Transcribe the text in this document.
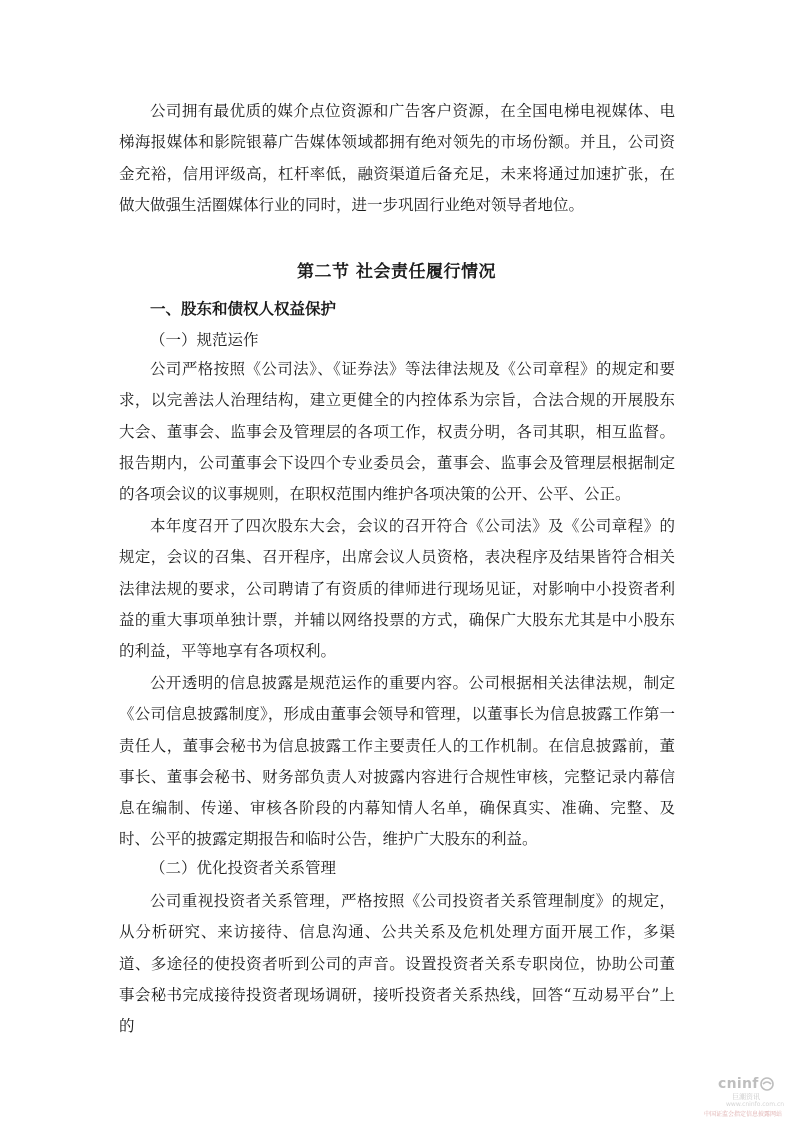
公司拥有最优质的媒介点位资源和广告客户资源，在全国电梯电视媒体、电梯海报媒体和影院银幕广告媒体领域都拥有绝对领先的市场份额。并且，公司资金充裕，信用评级高，杠杆率低，融资渠道后备充足，未来将通过加速扩张，在做大做强生活圈媒体行业的同时，进一步巩固行业绝对领导者地位。

第二节 社会责任履行情况
一、股东和债权人权益保护

（一）规范运作

公司严格按照《公司法》、《证券法》等法律法规及《公司章程》的规定和要求，以完善法人治理结构，建立更健全的内控体系为宗旨，合法合规的开展股东大会、董事会、监事会及管理层的各项工作，权责分明，各司其职，相互监督。报告期内，公司董事会下设四个专业委员会，董事会、监事会及管理层根据制定的各项会议的议事规则，在职权范围内维护各项决策的公开、公平、公正。

本年度召开了四次股东大会，会议的召开符合《公司法》及《公司章程》的规定，会议的召集、召开程序，出席会议人员资格，表决程序及结果皆符合相关法律法规的要求，公司聘请了有资质的律师进行现场见证，对影响中小投资者利益的重大事项单独计票，并辅以网络投票的方式，确保广大股东尤其是中小股东的利益，平等地享有各项权利。

公开透明的信息披露是规范运作的重要内容。公司根据相关法律法规，制定《公司信息披露制度》，形成由董事会领导和管理，以董事长为信息披露工作第一责任人，董事会秘书为信息披露工作主要责任人的工作机制。在信息披露前，董事长、董事会秘书、财务部负责人对披露内容进行合规性审核，完整记录内幕信息在编制、传递、审核各阶段的内幕知情人名单，确保真实、准确、完整、及时、公平的披露定期报告和临时公告，维护广大股东的利益。

（二）优化投资者关系管理

公司重视投资者关系管理，严格按照《公司投资者关系管理制度》的规定，从分析研究、来访接待、信息沟通、公共关系及危机处理方面开展工作，多渠道、多途径的使投资者听到公司的声音。设置投资者关系专职岗位，协助公司董事会秘书完成接待投资者现场调研，接听投资者关系热线，回答“互动易平台”上的

cninf
巨潮资讯
www.cninfo.com.cn
中国证监会指定信息披露网站
